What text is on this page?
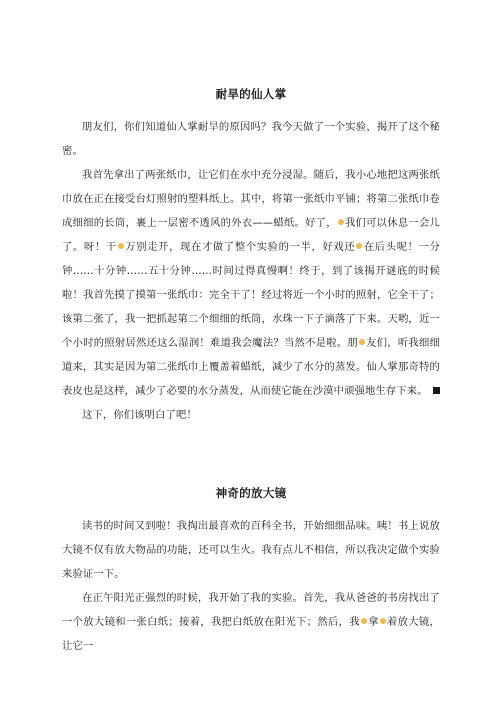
耐旱的仙人掌

朋友们，你们知道仙人掌耐旱的原因吗？我今天做了一个实验，揭开了这个秘密。

我首先拿出了两张纸巾，让它们在水中充分浸湿。随后，我小心地把这两张纸巾放在正在接受台灯照射的塑料纸上。其中，将第一张纸巾平铺；将第二张纸巾卷成细细的长筒，裹上一层密不透风的外衣——蜡纸。好了， 我们可以休息一会儿了。呀！干 万别走开，现在才做了整个实验的一半，好戏还 在后头呢！一分钟……十分钟……五十分钟……时间过得真慢啊！终于，到了该揭开谜底的时候啦！我首先摸了摸第一张纸巾：完全干了！经过将近一个小时的照射，它全干了；该第二张了，我一把抓起第二个细细的纸筒，水珠一下子滴落了下来。天哟，近一个小时的照射居然还这么湿润！难道我会魔法？当然不是啦。朋 友们，听我细细道来，其实是因为第二张纸巾上覆盖着蜡纸，减少了水分的蒸发。仙人掌那奇特的表皮也是这样，减少了必要的水分蒸发，从而使它能在沙漠中顽强地生存下来。

这下，你们该明白了吧！

神奇的放大镜

读书的时间又到啦！我掏出最喜欢的百科全书，开始细细品味。咦！书上说放大镜不仅有放大物品的功能，还可以生火。我有点儿不相信，所以我决定做个实验来验证一下。

在正午阳光正强烈的时候，我开始了我的实验。首先，我从爸爸的书房找出了一个放大镜和一张白纸；接着，我把白纸放在阳光下；然后，我 拿 着放大镜，让它一
